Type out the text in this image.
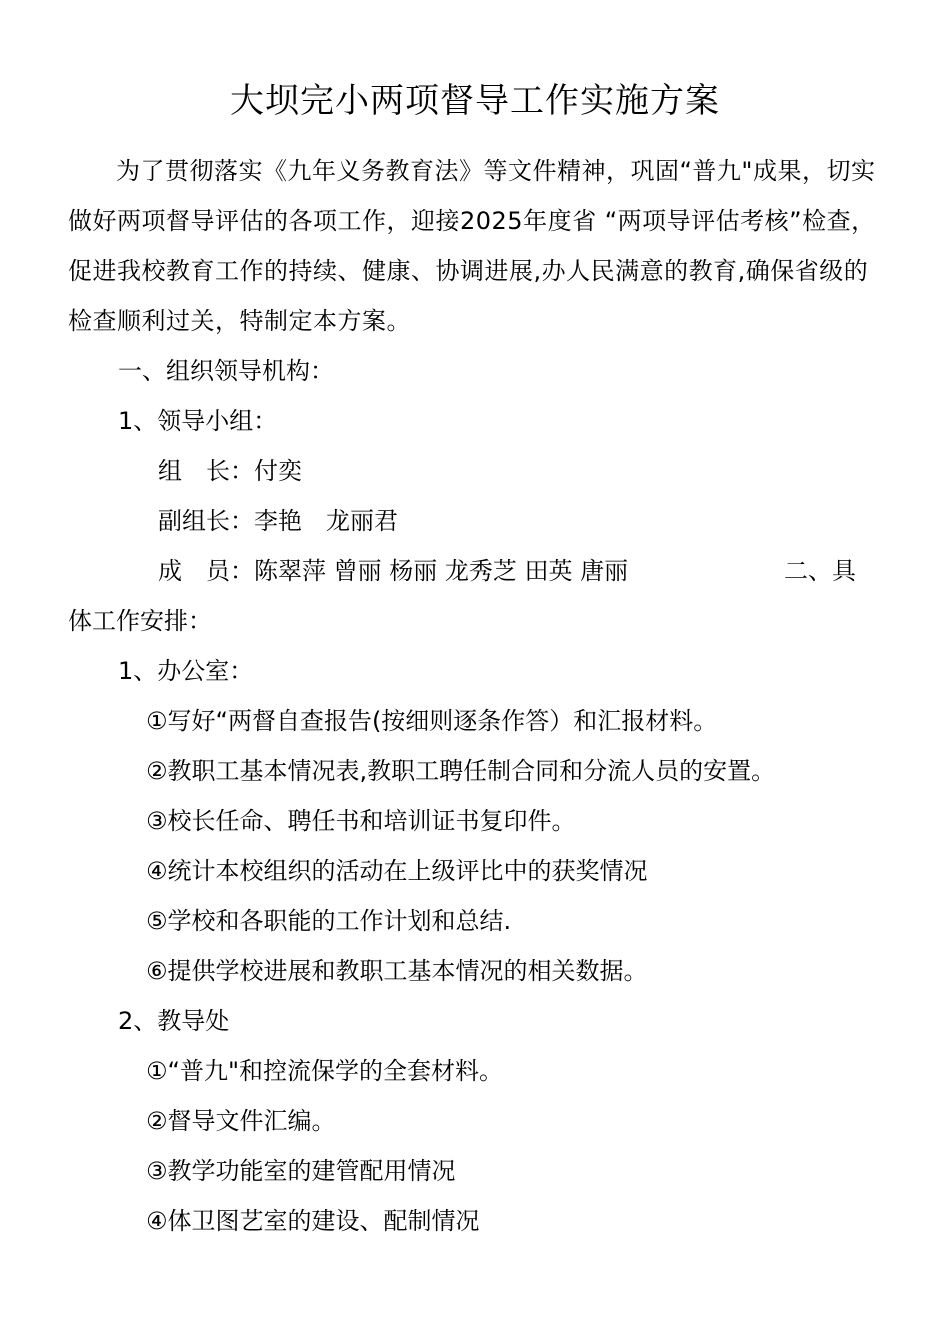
大坝完小两项督导工作实施方案
为了贯彻落实《九年义务教育法》等文件精神，巩固“普九"成果，切实做好两项督导评估的各项工作，迎接2025年度省 “两项导评估考核”检查，促进我校教育工作的持续、健康、协调进展,办人民满意的教育,确保省级的检查顺利过关，特制定本方案。
一、组织领导机构：
1、领导小组：
组　长：付奕
副组长：李艳　龙丽君
成　员：陈翠萍 曾丽 杨丽 龙秀芝 田英 唐丽	二、具
体工作安排：
1、办公室：
①写好“两督自查报告(按细则逐条作答）和汇报材料。
②教职工基本情况表,教职工聘任制合同和分流人员的安置。
③校长任命、聘任书和培训证书复印件。
④统计本校组织的活动在上级评比中的获奖情况
⑤学校和各职能的工作计划和总结.
⑥提供学校进展和教职工基本情况的相关数据。
2、教导处
①“普九"和控流保学的全套材料。
②督导文件汇编。
③教学功能室的建管配用情况
④体卫图艺室的建设、配制情况
